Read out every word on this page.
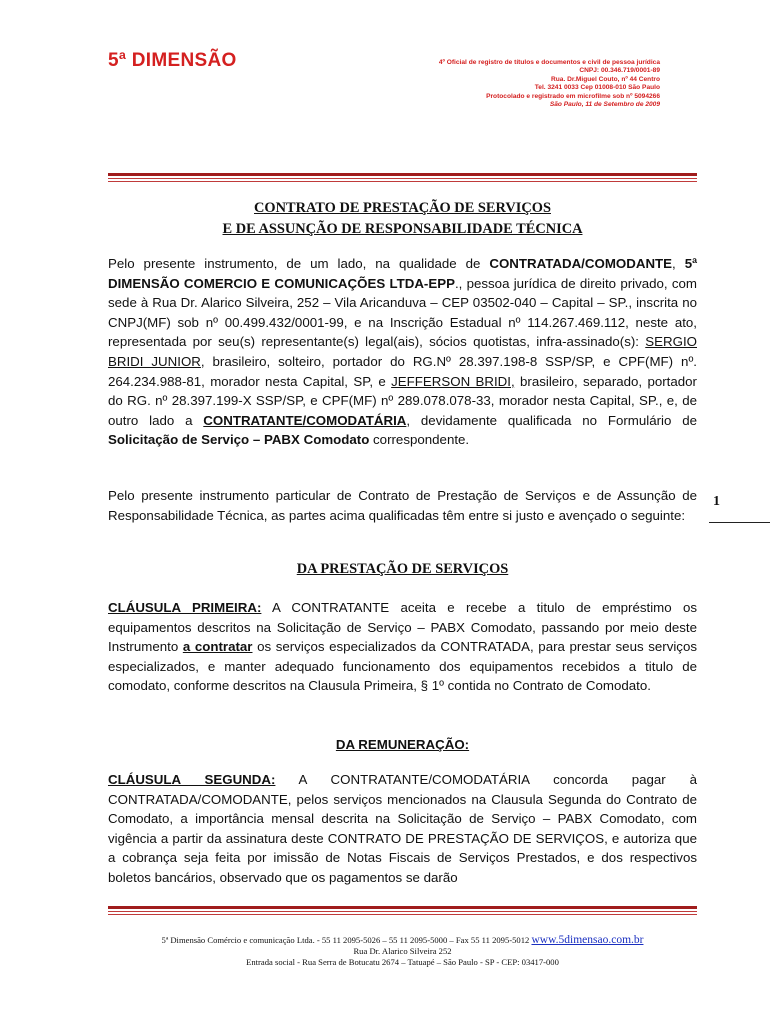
5ª DIMENSÃO	4º Oficial de registro de títulos e documentos e civil de pessoa jurídica
CNPJ: 00.346.719/0001-89
Rua. Dr.Miguel Couto, nº 44 Centro
Tel. 3241 0033 Cep 01008-010 São Paulo
Protocolado e registrado em microfilme sob nº 5094266
São Paulo, 11 de Setembro de 2009
CONTRATO DE PRESTAÇÃO DE SERVIÇOS
E DE ASSUNÇÃO DE RESPONSABILIDADE TÉCNICA

Pelo presente instrumento, de um lado, na qualidade de CONTRATADA/COMODANTE, 5ª DIMENSÃO COMERCIO E COMUNICAÇÕES LTDA-EPP., pessoa jurídica de direito privado, com sede à Rua Dr. Alarico Silveira, 252 – Vila Aricanduva – CEP 03502-040 – Capital – SP., inscrita no CNPJ(MF) sob nº 00.499.432/0001-99, e na Inscrição Estadual nº 114.267.469.112, neste ato, representada por seu(s) representante(s) legal(ais), sócios quotistas, infra-assinado(s): SERGIO BRIDI JUNIOR, brasileiro, solteiro, portador do RG.Nº 28.397.198-8 SSP/SP, e CPF(MF) nº. 264.234.988-81, morador nesta Capital, SP, e JEFFERSON BRIDI, brasileiro, separado, portador do RG. nº 28.397.199-X SSP/SP, e CPF(MF) nº 289.078.078-33, morador nesta Capital, SP., e, de outro lado a CONTRATANTE/COMODATÁRIA, devidamente qualificada no Formulário de Solicitação de Serviço – PABX Comodato correspondente.

Pelo presente instrumento particular de Contrato de Prestação de Serviços e de Assunção de Responsabilidade Técnica, as partes acima qualificadas têm entre si justo e avençado o seguinte:

1
DA PRESTAÇÃO DE SERVIÇOS

CLÁUSULA PRIMEIRA: A CONTRATANTE aceita e recebe a titulo de empréstimo os equipamentos descritos na Solicitação de Serviço – PABX Comodato, passando por meio deste Instrumento a contratar os serviços especializados da CONTRATADA, para prestar seus serviços especializados, e manter adequado funcionamento dos equipamentos recebidos a titulo de comodato, conforme descritos na Clausula Primeira, § 1º contida no Contrato de Comodato.

DA REMUNERAÇÃO:

CLÁUSULA SEGUNDA: A CONTRATANTE/COMODATÁRIA concorda pagar à CONTRATADA/COMODANTE, pelos serviços mencionados na Clausula Segunda do Contrato de Comodato, a importância mensal descrita na Solicitação de Serviço – PABX Comodato, com vigência a partir da assinatura deste CONTRATO DE PRESTAÇÃO DE SERVIÇOS, e autoriza que a cobrança seja feita por imissão de Notas Fiscais de Serviços Prestados, e dos respectivos boletos bancários, observado que os pagamentos se darão

5ª Dimensão Comércio e comunicação Ltda. - 55 11 2095-5026 – 55 11 2095-5000 – Fax 55 11 2095-5012 www.5dimensao.com.br
Rua Dr. Alarico Silveira 252
Entrada social - Rua Serra de Botucatu 2674 – Tatuapé – São Paulo - SP - CEP: 03417-000
